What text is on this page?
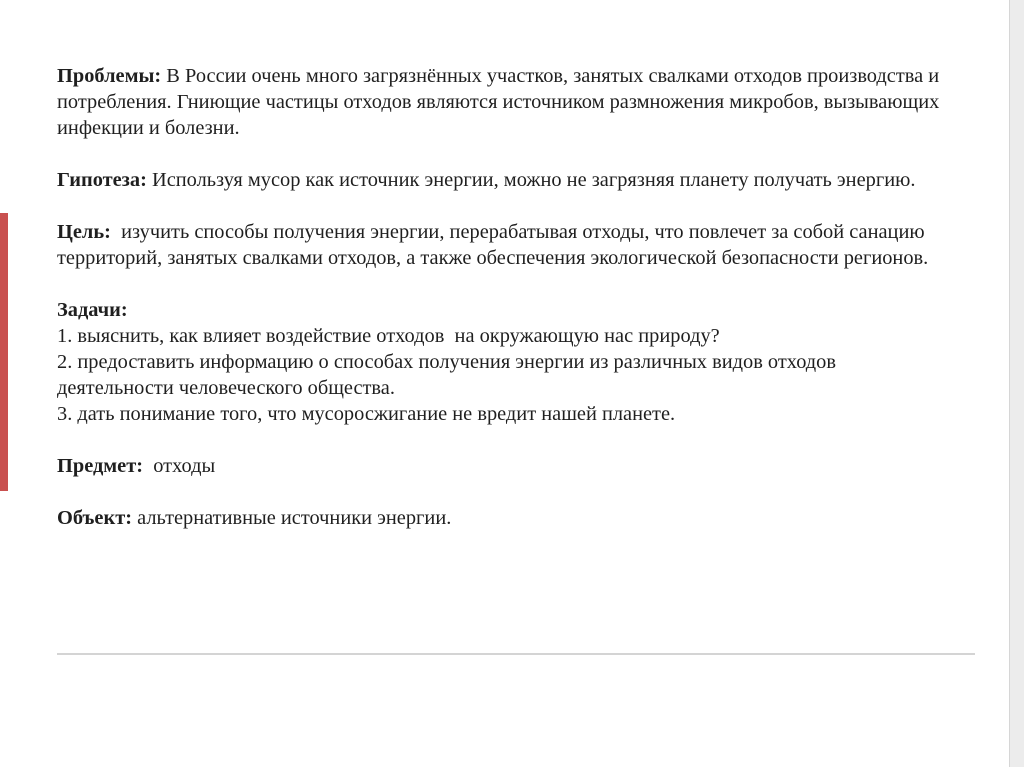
Проблемы: В России очень много загрязнённых участков, занятых свалками отходов производства и потребления. Гниющие частицы отходов являются источником размножения микробов, вызывающих инфекции и болезни.

Гипотеза: Используя мусор как источник энергии, можно не загрязняя планету получать энергию.

Цель:  изучить способы получения энергии, перерабатывая отходы, что повлечет за собой санацию территорий, занятых свалками отходов, а также обеспечения экологической безопасности регионов.

Задачи:

1. выяснить, как влияет воздействие отходов  на окружающую нас природу?

2. предоставить информацию о способах получения энергии из различных видов отходов деятельности человеческого общества.

3. дать понимание того, что мусоросжигание не вредит нашей планете.

Предмет:  отходы

Объект: альтернативные источники энергии.
